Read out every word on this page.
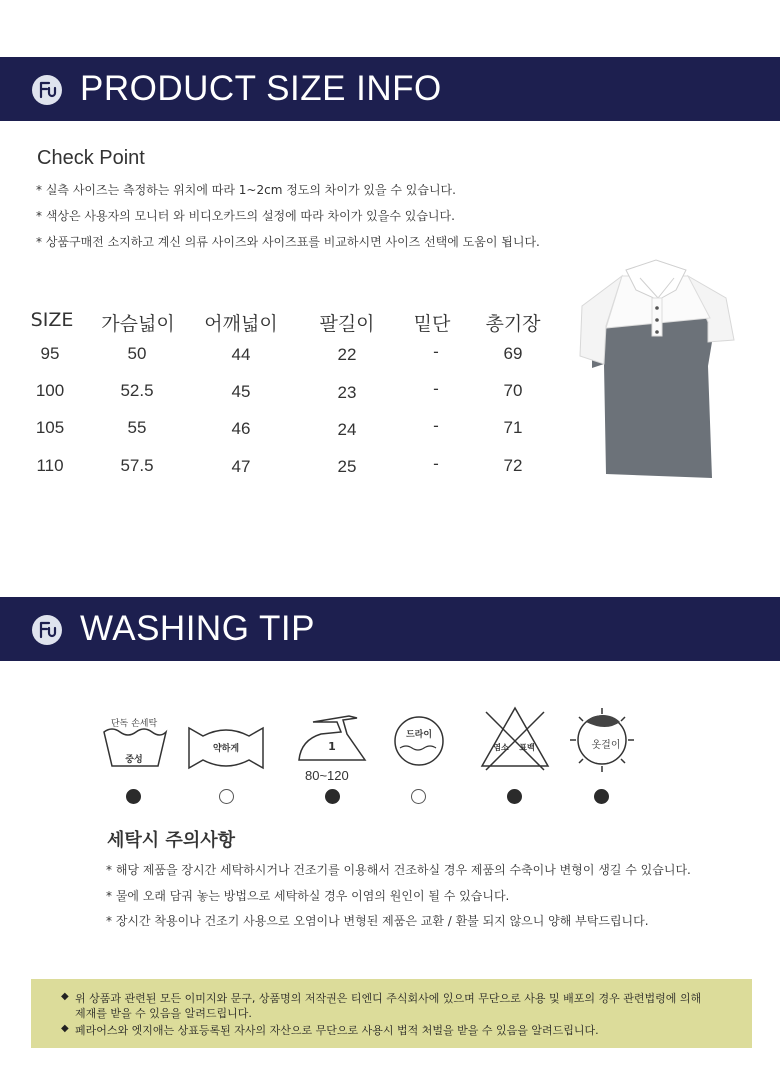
PRODUCT SIZE INFO
Check Point
* 실측 사이즈는 측정하는 위치에 따라 1~2cm 정도의 차이가 있을 수 있습니다.
* 색상은 사용자의 모니터 와 비디오카드의 설정에 따라 차이가 있을수 있습니다.
* 상품구매전 소지하고 계신 의류 사이즈와 사이즈표를 비교하시면 사이즈 선택에 도움이 됩니다.
SIZE 가슴넓이 어깨넓이 팔길이 밑단 총기장
95	50	44	22	-	69
100	52.5	45	23	-	70
105	55	46	24	-	71
110	57.5	47	25	-	72
WASHING TIP
단독 손세탁
중성
약하게	1
80~120
드라이
염소 표백	옷걸이
세탁시 주의사항
* 해당 제품을 장시간 세탁하시거나 건조기를 이용해서 건조하실 경우 제품의 수축이나 변형이 생길 수 있습니다.
* 물에 오래 담궈 놓는 방법으로 세탁하실 경우 이염의 원인이 될 수 있습니다.
* 장시간 착용이나 건조기 사용으로 오염이나 변형된 제품은 교환 / 환불 되지 않으니 양해 부탁드립니다.
◆ 위 상품과 관련된 모든 이미지와 문구, 상품명의 저작권은 티엔디 주식회사에 있으며 무단으로 사용 및 배포의 경우 관련법령에 의해
제재를 받을 수 있음을 알려드립니다.
◆ 페라어스와 엣지애는 상표등록된 자사의 자산으로 무단으로 사용시 법적 처벌을 받을 수 있음을 알려드립니다.
